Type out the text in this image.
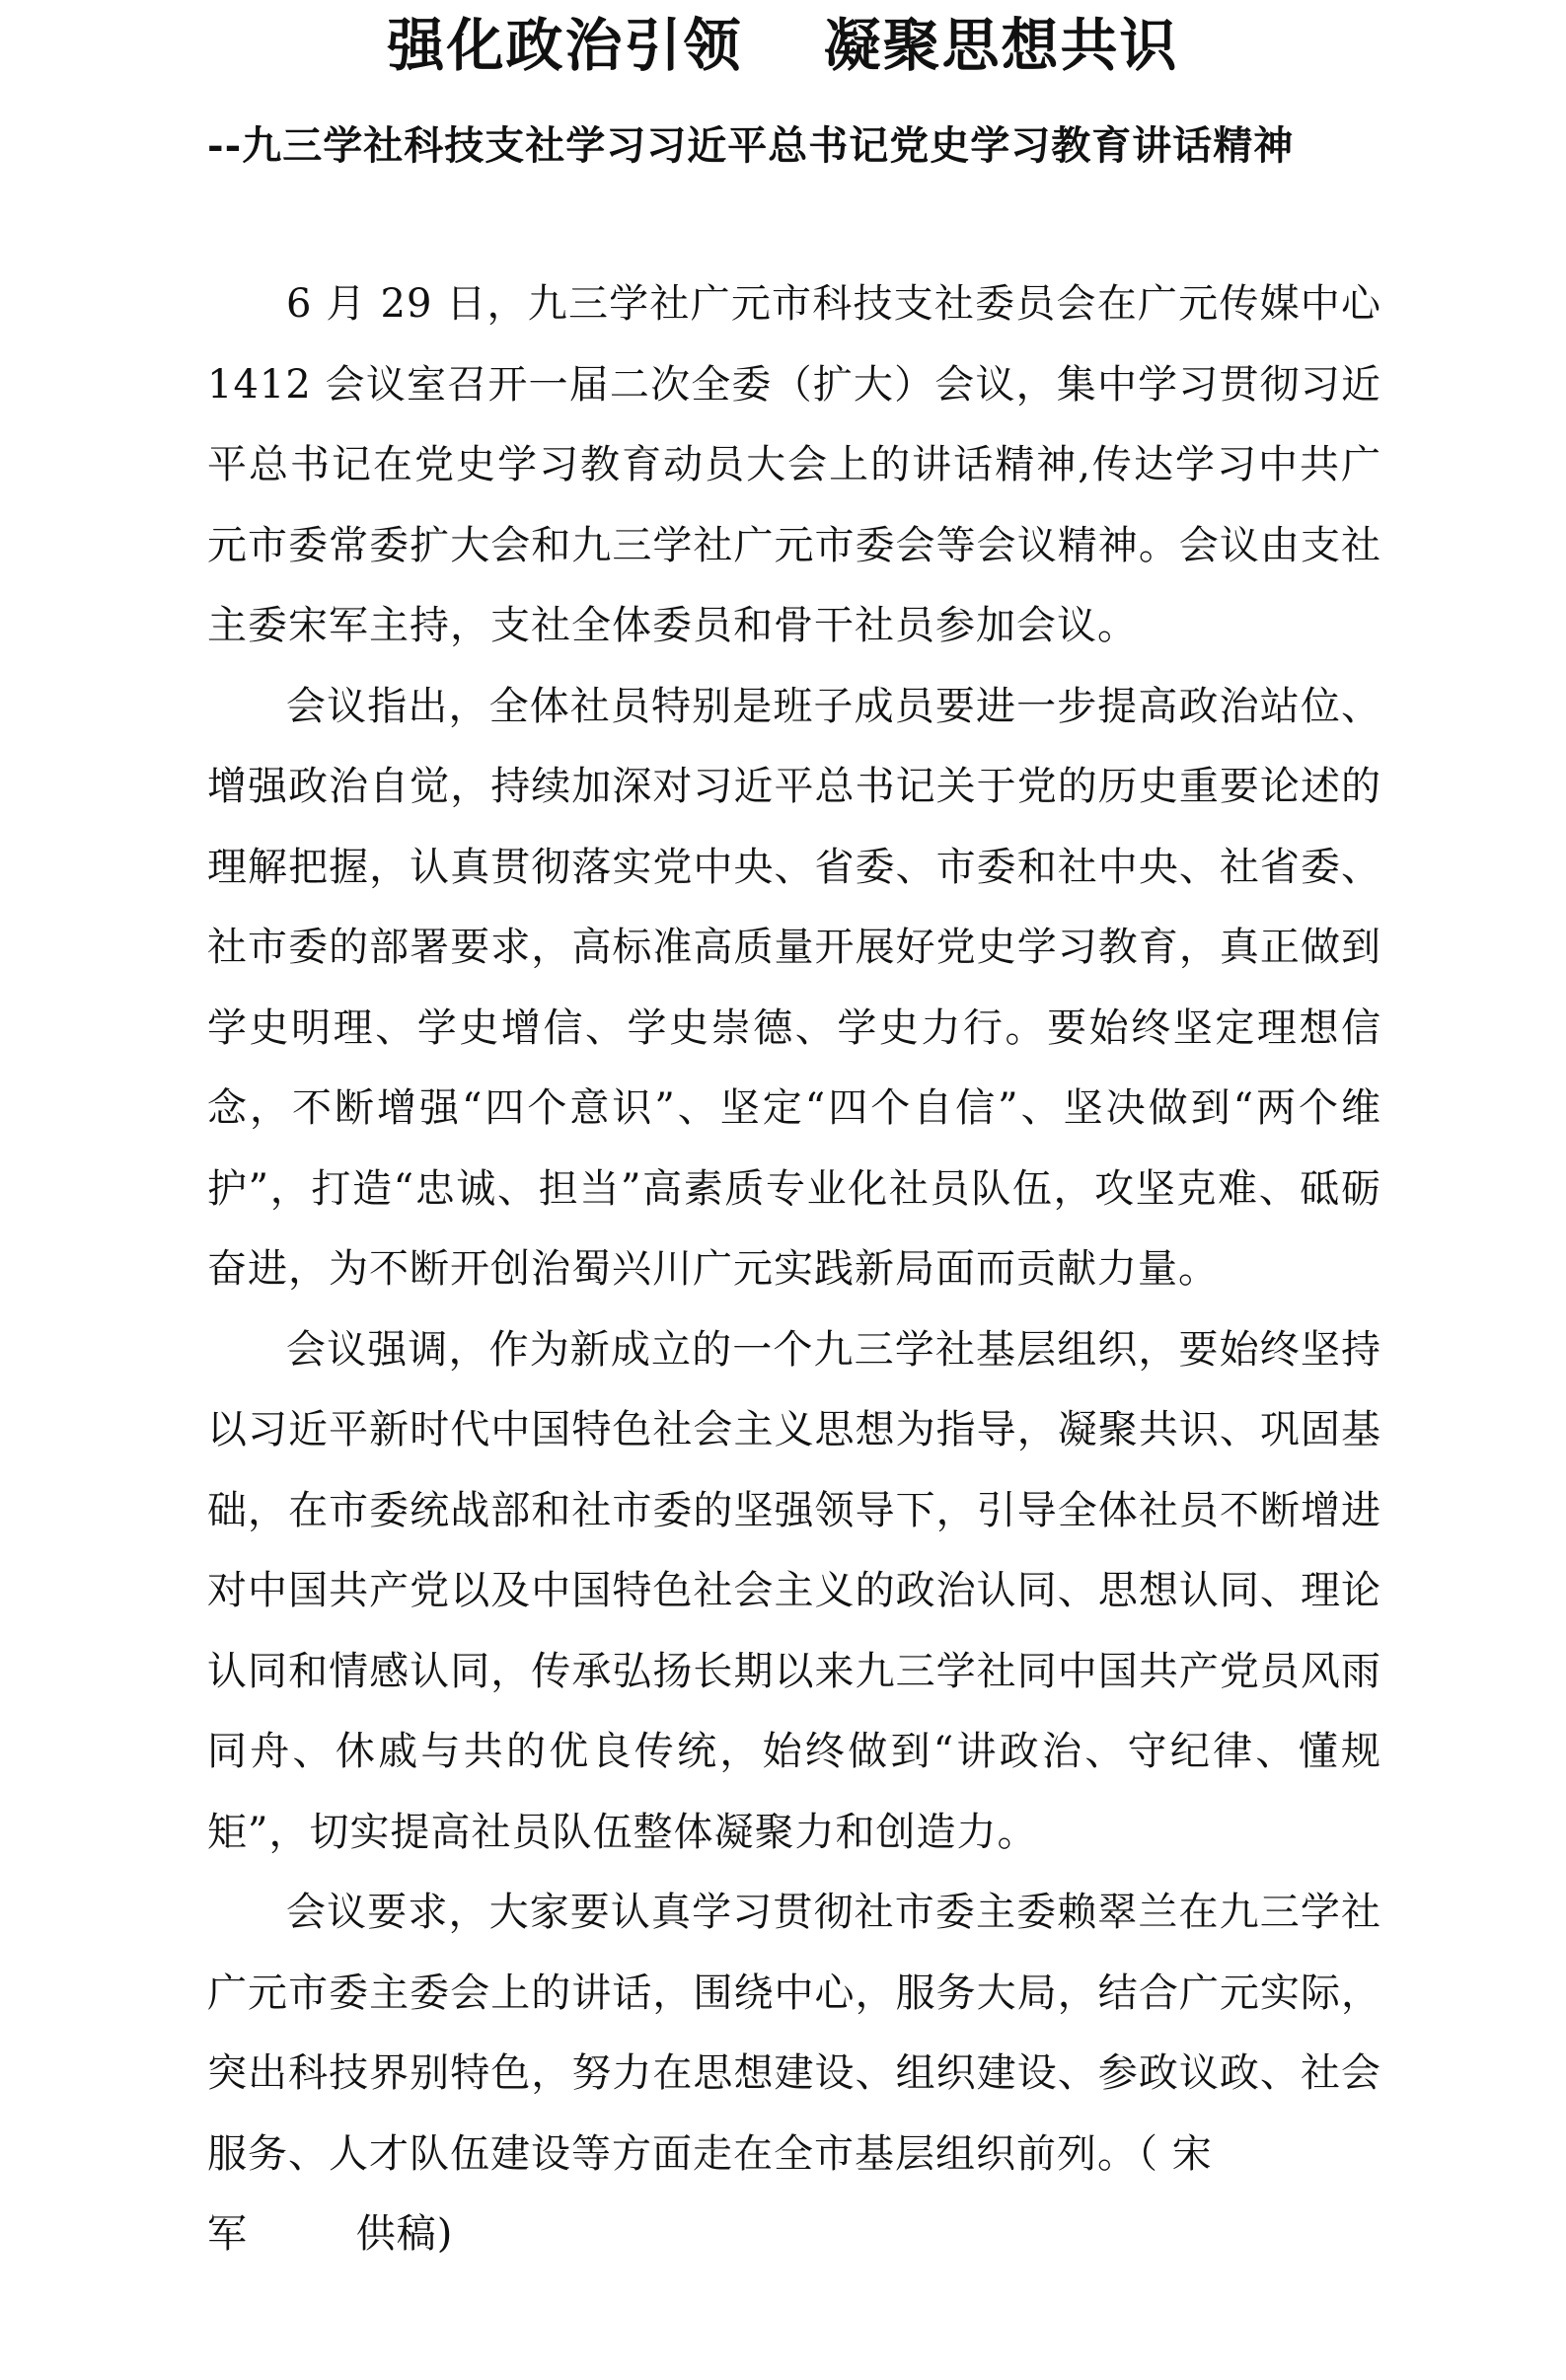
强化政治引领 凝聚思想共识
--九三学社科技支社学习习近平总书记党史学习教育讲话精神

6 月 29 日，九三学社广元市科技支社委员会在广元传媒中心 1412 会议室召开一届二次全委（扩大）会议，集中学习贯彻习近平总书记在党史学习教育动员大会上的讲话精神,传达学习中共广元市委常委扩大会和九三学社广元市委会等会议精神。会议由支社主委宋军主持，支社全体委员和骨干社员参加会议。

会议指出，全体社员特别是班子成员要进一步提高政治站位、增强政治自觉，持续加深对习近平总书记关于党的历史重要论述的理解把握，认真贯彻落实党中央、省委、市委和社中央、社省委、社市委的部署要求，高标准高质量开展好党史学习教育，真正做到学史明理、学史增信、学史崇德、学史力行。要始终坚定理想信念，不断增强“四个意识”、坚定“四个自信”、坚决做到“两个维护”，打造“忠诚、担当”高素质专业化社员队伍，攻坚克难、砥砺奋进，为不断开创治蜀兴川广元实践新局面而贡献力量。

会议强调，作为新成立的一个九三学社基层组织，要始终坚持以习近平新时代中国特色社会主义思想为指导，凝聚共识、巩固基础，在市委统战部和社市委的坚强领导下，引导全体社员不断增进对中国共产党以及中国特色社会主义的政治认同、思想认同、理论认同和情感认同，传承弘扬长期以来九三学社同中国共产党员风雨同舟、休戚与共的优良传统，始终做到“讲政治、守纪律、懂规矩”，切实提高社员队伍整体凝聚力和创造力。

会议要求，大家要认真学习贯彻社市委主委赖翠兰在九三学社广元市委主委会上的讲话，围绕中心，服务大局，结合广元实际，突出科技界别特色，努力在思想建设、组织建设、参政议政、社会服务、人才队伍建设等方面走在全市基层组织前列。（ 宋

军        供稿)
